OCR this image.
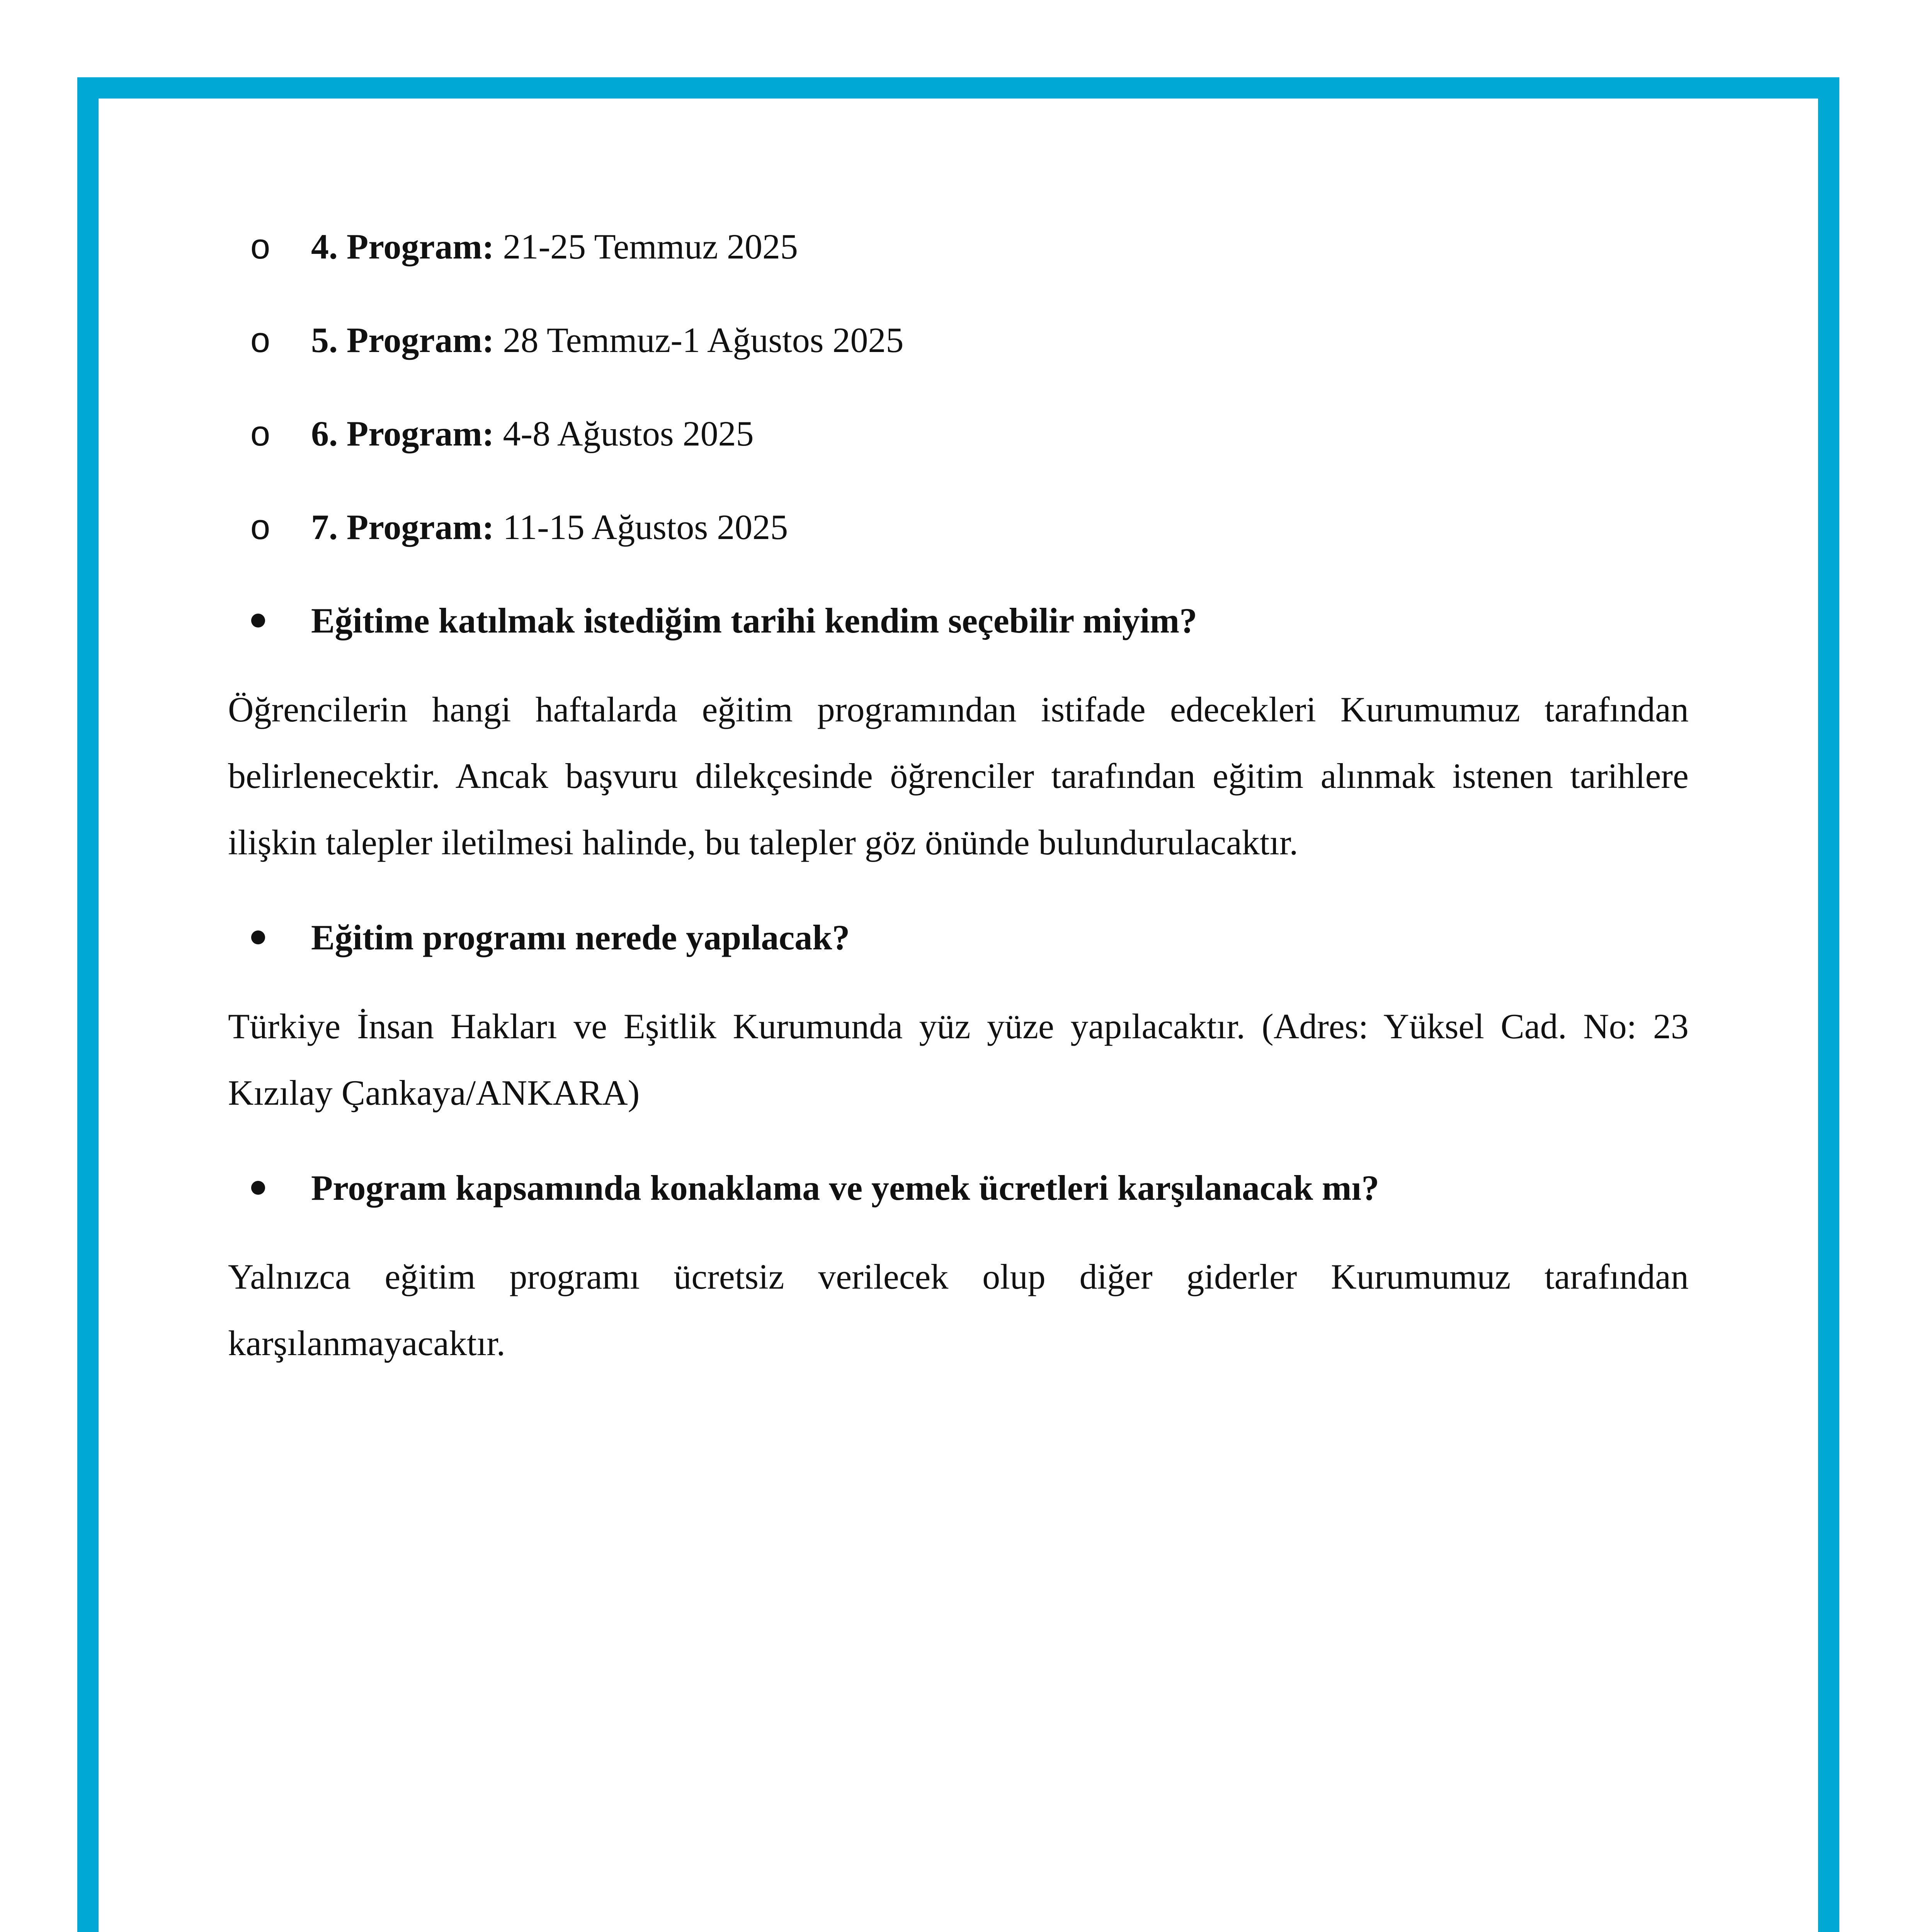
o 4. Program: 21-25 Temmuz 2025
o 5. Program: 28 Temmuz-1 Ağustos 2025
o 6. Program: 4-8 Ağustos 2025
o 7. Program: 11-15 Ağustos 2025
Eğitime katılmak istediğim tarihi kendim seçebilir miyim?

Öğrencilerin hangi haftalarda eğitim programından istifade edecekleri Kurumumuz tarafından belirlenecektir. Ancak başvuru dilekçesinde öğrenciler tarafından eğitim alınmak istenen tarihlere ilişkin talepler iletilmesi halinde, bu talepler göz önünde bulundurulacaktır.

Eğitim programı nerede yapılacak?

Türkiye İnsan Hakları ve Eşitlik Kurumunda yüz yüze yapılacaktır. (Adres: Yüksel Cad. No: 23 Kızılay Çankaya/ANKARA)

Program kapsamında konaklama ve yemek ücretleri karşılanacak mı?

Yalnızca eğitim programı ücretsiz verilecek olup diğer giderler Kurumumuz tarafından karşılanmayacaktır.
